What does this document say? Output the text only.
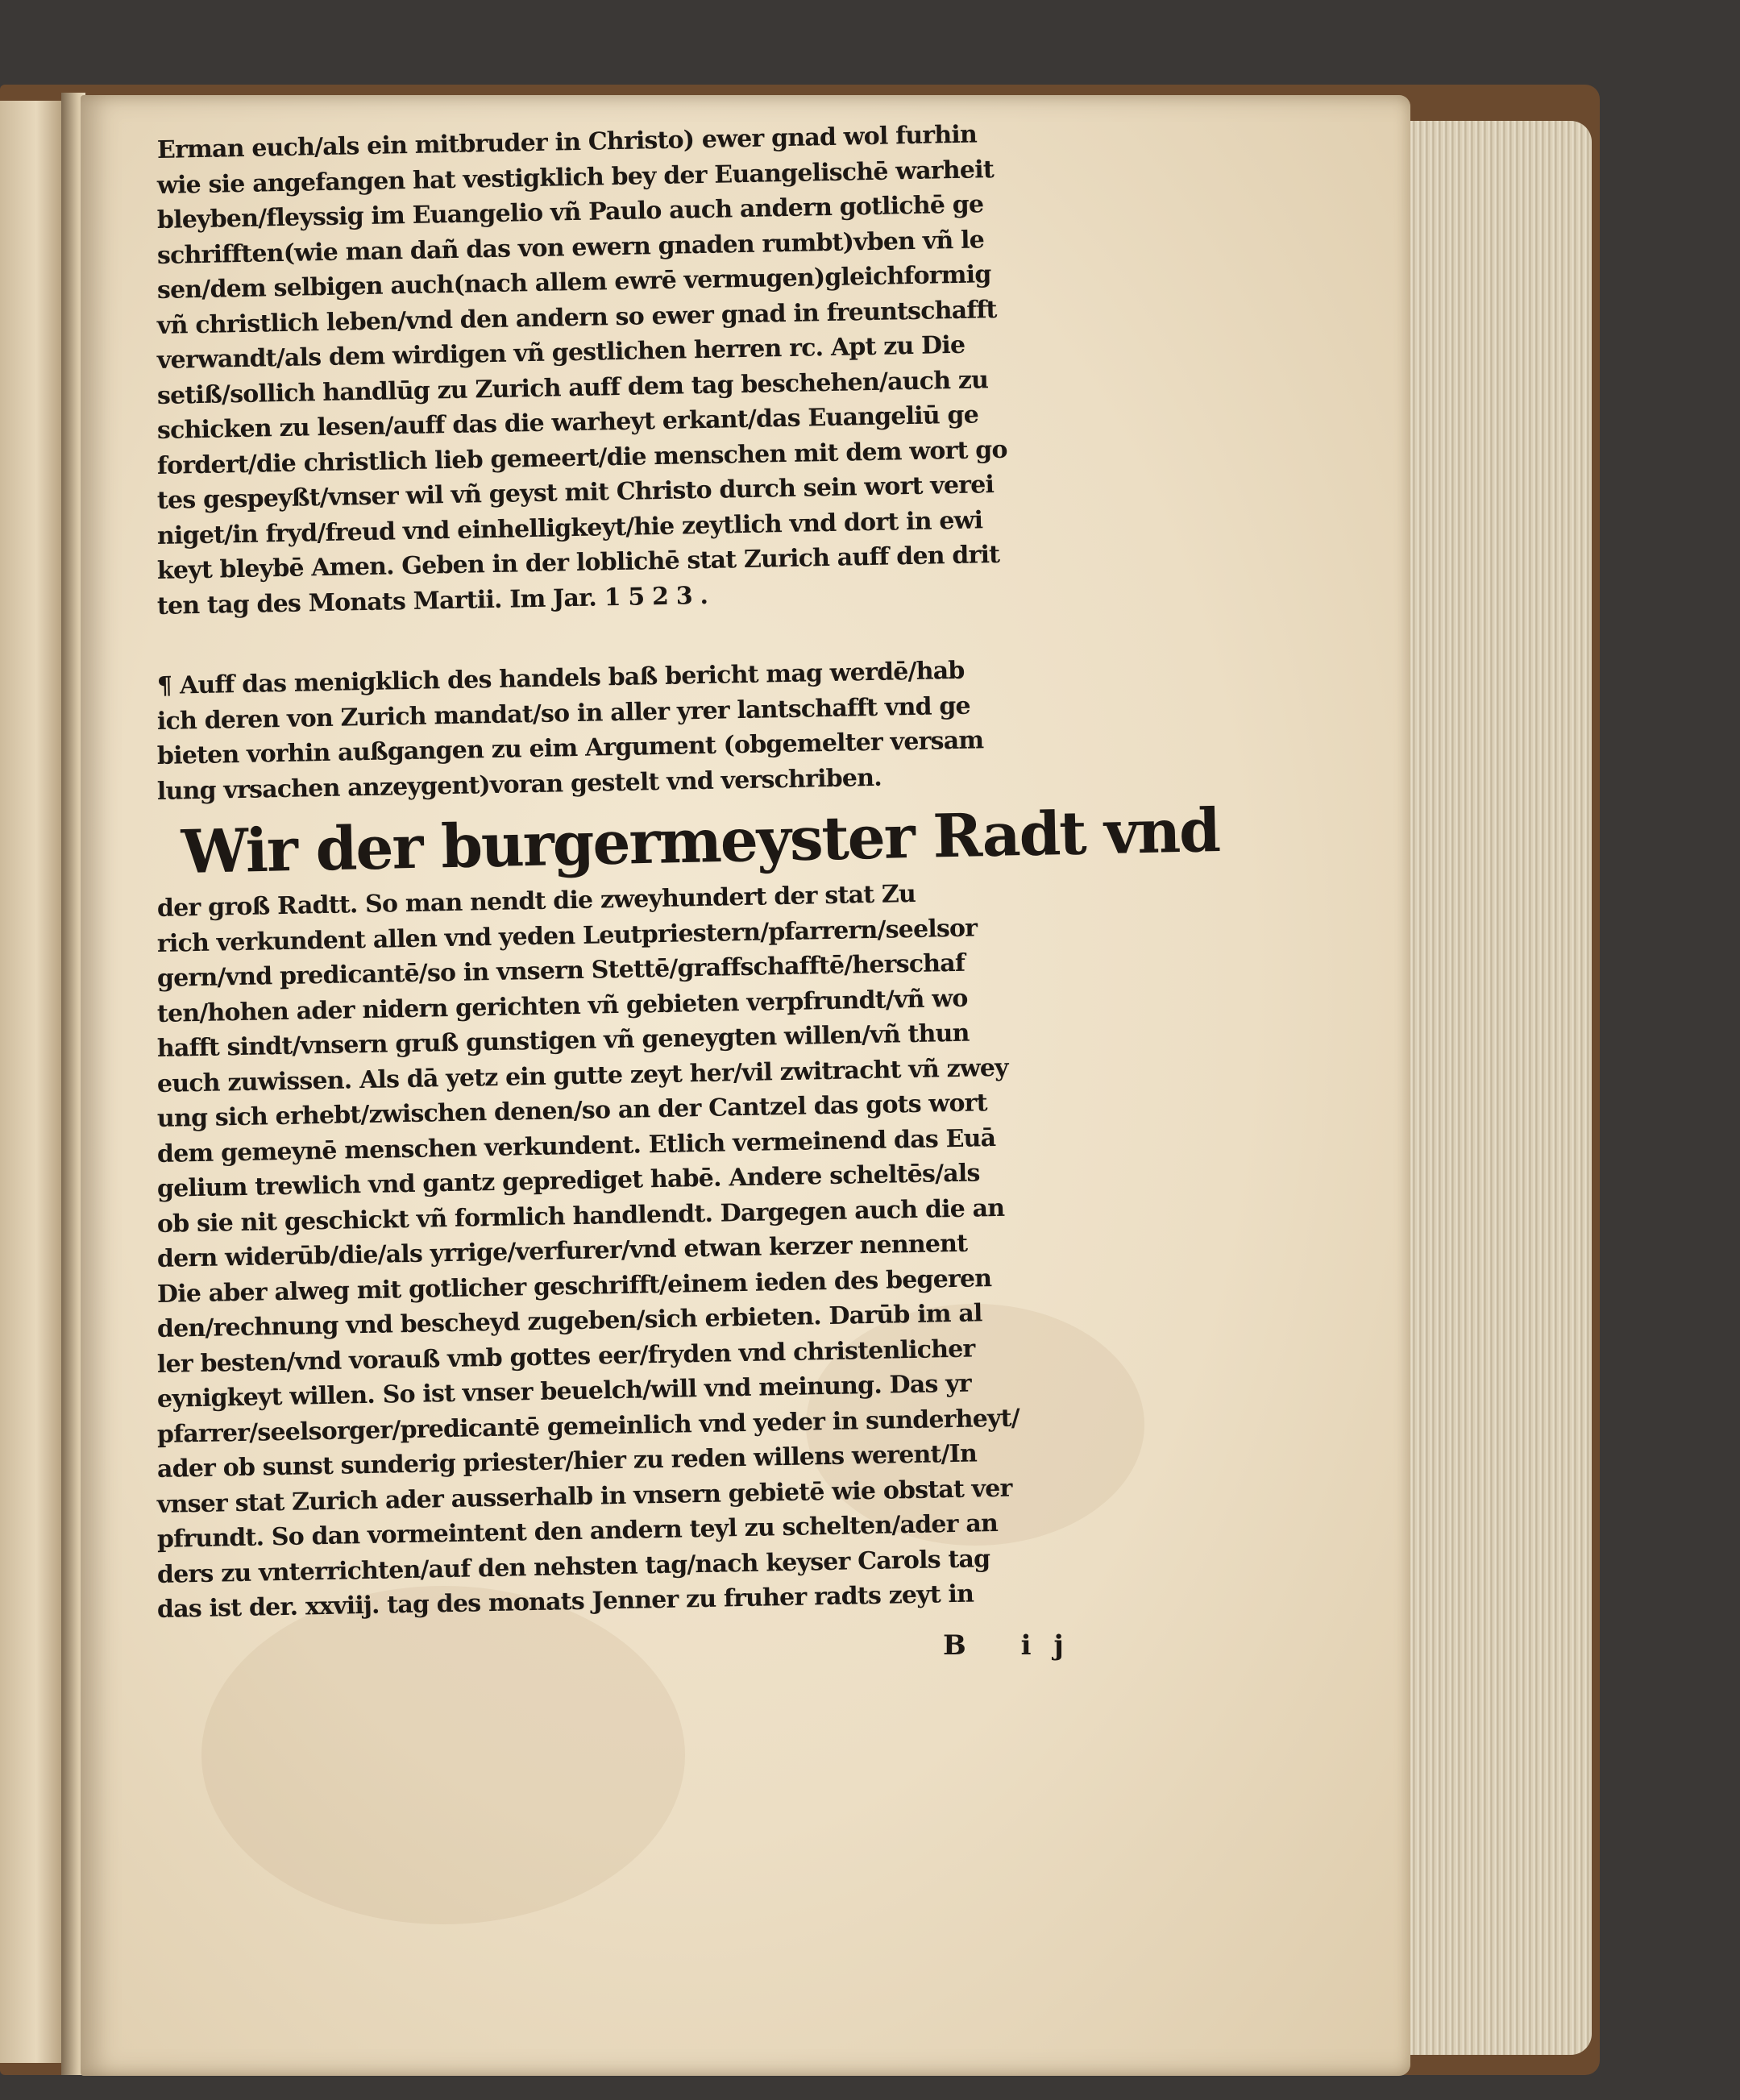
Erman euch/als ein mitbruder in Christo) ewer gnad wol furhin
wie sie angefangen hat vestigklich bey der Euangelischē warheit
bleyben/fleyssig im Euangelio vñ Paulo auch andern gotlichē ge
schrifften(wie man dañ das von ewern gnaden rumbt)vben vñ le
sen/dem selbigen auch(nach allem ewrē vermugen)gleichformig
vñ christlich leben/vnd den andern so ewer gnad in freuntschafft
verwandt/als dem wirdigen vñ gestlichen herren rc. Apt zu Die
setiß/sollich handlūg zu Zurich auff dem tag beschehen/auch zu
schicken zu lesen/auff das die warheyt erkant/das Euangeliū ge
fordert/die christlich lieb gemeert/die menschen mit dem wort go
tes gespeyßt/vnser wil vñ geyst mit Christo durch sein wort verei
niget/in fryd/freud vnd einhelligkeyt/hie zeytlich vnd dort in ewi
keyt bleybē Amen. Geben in der loblichē stat Zurich auff den drit
ten tag des Monats Martii. Im Jar. 1 5 2 3 .
¶ Auff das menigklich des handels baß bericht mag werdē/hab
ich deren von Zurich mandat/so in aller yrer lantschafft vnd ge
bieten vorhin außgangen zu eim Argument (obgemelter versam
lung vrsachen anzeygent)voran gestelt vnd verschriben.
Wir der burgermeyster Radt vnd
der groß Radtt. So man nendt die zweyhundert der stat Zu
rich verkundent allen vnd yeden Leutpriestern/pfarrern/seelsor
gern/vnd predicantē/so in vnsern Stettē/graffschafftē/herschaf
ten/hohen ader nidern gerichten vñ gebieten verpfrundt/vñ wo
hafft sindt/vnsern gruß gunstigen vñ geneygten willen/vñ thun
euch zuwissen. Als dā yetz ein gutte zeyt her/vil zwitracht vñ zwey
ung sich erhebt/zwischen denen/so an der Cantzel das gots wort
dem gemeynē menschen verkundent. Etlich vermeinend das Euā
gelium trewlich vnd gantz geprediget habē. Andere scheltēs/als
ob sie nit geschickt vñ formlich handlendt. Dargegen auch die an
dern widerūb/die/als yrrige/verfurer/vnd etwan kerzer nennent
Die aber alweg mit gotlicher geschrifft/einem ieden des begeren
den/rechnung vnd bescheyd zugeben/sich erbieten. Darūb im al
ler besten/vnd vorauß vmb gottes eer/fryden vnd christenlicher
eynigkeyt willen. So ist vnser beuelch/will vnd meinung. Das yr
pfarrer/seelsorger/predicantē gemeinlich vnd yeder in sunderheyt/
ader ob sunst sunderig priester/hier zu reden willens werent/In
vnser stat Zurich ader ausserhalb in vnsern gebietē wie obstat ver
pfrundt. So dan vormeintent den andern teyl zu schelten/ader an
ders zu vnterrichten/auf den nehsten tag/nach keyser Carols tag
das ist der. xxviij. tag des monats Jenner zu fruher radts zeyt in
B ij
